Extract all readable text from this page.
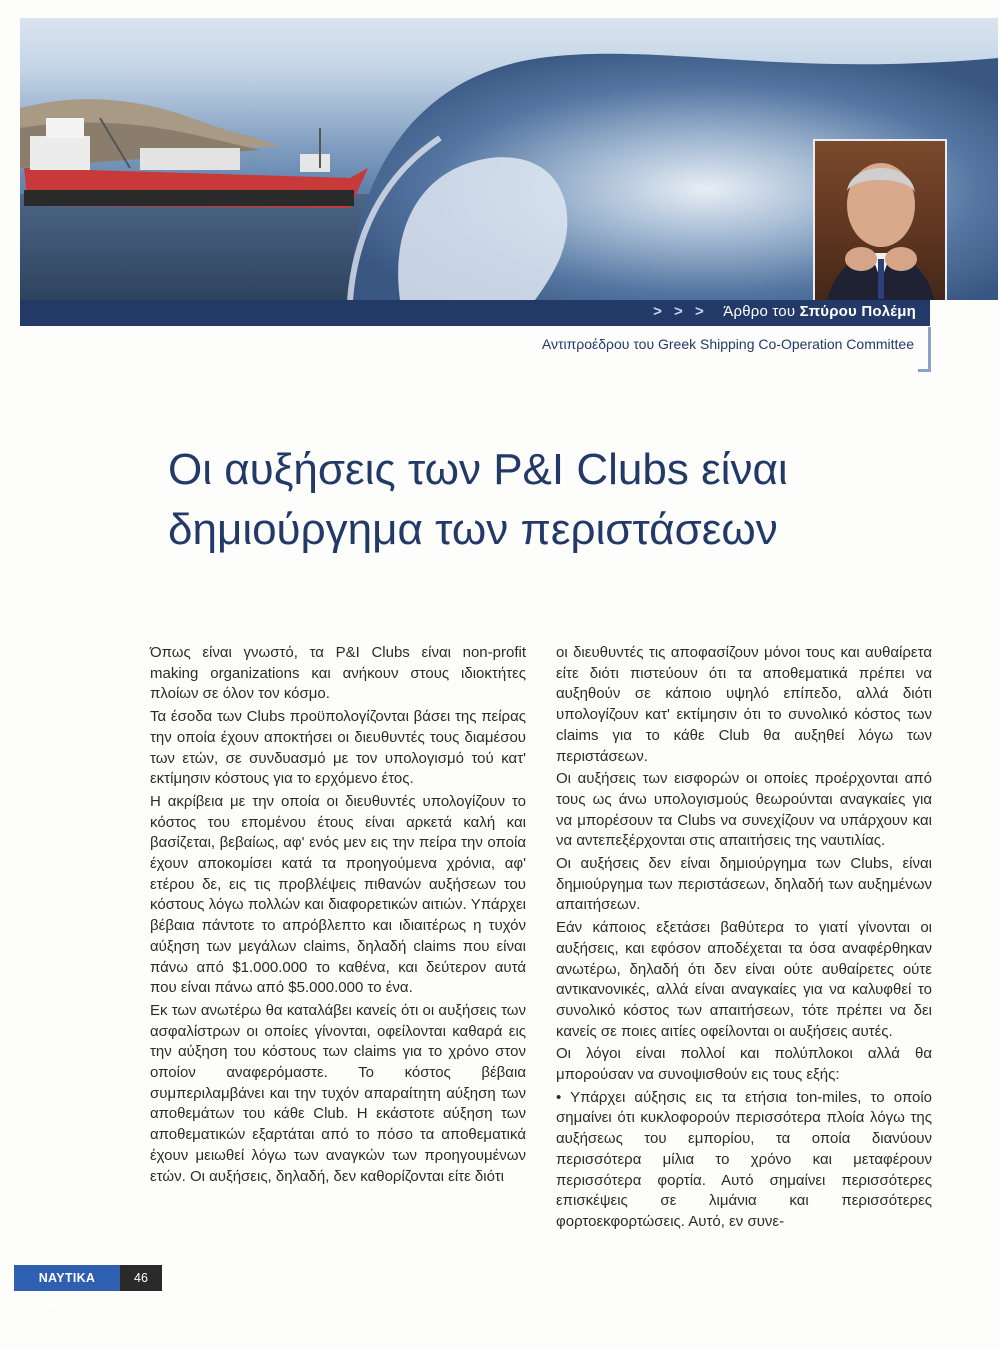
> > > Άρθρο του Σπύρου Πολέμη
Αντιπροέδρου του Greek Shipping Co-Operation Committee
Οι αυξήσεις των P&I Clubs είναι
δημιούργημα των περιστάσεων

Όπως είναι γνωστό, τα P&I Clubs είναι non-profit making organizations και ανήκουν στους ιδιοκτήτες πλοίων σε όλον τον κόσμο.

Τα έσοδα των Clubs προϋπολογίζονται βάσει της πείρας την οποία έχουν αποκτήσει οι διευθυντές τους διαμέσου των ετών, σε συνδυασμό με τον υπολογισμό τού κατ' εκτίμησιν κόστους για το ερχόμενο έτος.

Η ακρίβεια με την οποία οι διευθυντές υπολογίζουν το κόστος του επομένου έτους είναι αρκετά καλή και βασίζεται, βεβαίως, αφ' ενός μεν εις την πείρα την οποία έχουν αποκομίσει κατά τα προηγούμενα χρόνια, αφ' ετέρου δε, εις τις προβλέψεις πιθανών αυξήσεων του κόστους λόγω πολλών και διαφορετικών αιτιών. Υπάρχει βέβαια πάντοτε το απρόβλεπτο και ιδιαιτέρως η τυχόν αύξηση των μεγάλων claims, δηλαδή claims που είναι πάνω από $1.000.000 το καθένα, και δεύτερον αυτά που είναι πάνω από $5.000.000 το ένα.

Εκ των ανωτέρω θα καταλάβει κανείς ότι οι αυξήσεις των ασφαλίστρων οι οποίες γίνονται, οφείλονται καθαρά εις την αύξηση του κόστους των claims για το χρόνο στον οποίον αναφερόμαστε. Το κόστος βέβαια συμπεριλαμβάνει και την τυχόν απαραίτητη αύξηση των αποθεμάτων του κάθε Club. Η εκάστοτε αύξηση των αποθεματικών εξαρτάται από το πόσο τα αποθεματικά έχουν μειωθεί λόγω των αναγκών των προηγουμένων ετών. Οι αυξήσεις, δηλαδή, δεν καθορίζονται είτε διότι

οι διευθυντές τις αποφασίζουν μόνοι τους και αυθαίρετα είτε διότι πιστεύουν ότι τα αποθεματικά πρέπει να αυξηθούν σε κάποιο υψηλό επίπεδο, αλλά διότι υπολογίζουν κατ' εκτίμησιν ότι το συνολικό κόστος των claims για το κάθε Club θα αυξηθεί λόγω των περιστάσεων.

Οι αυξήσεις των εισφορών οι οποίες προέρχονται από τους ως άνω υπολογισμούς θεωρούνται αναγκαίες για να μπορέσουν τα Clubs να συνεχίζουν να υπάρχουν και να αντεπεξέρχονται στις απαιτήσεις της ναυτιλίας.

Οι αυξήσεις δεν είναι δημιούργημα των Clubs, είναι δημιούργημα των περιστάσεων, δηλαδή των αυξημένων απαιτήσεων.

Εάν κάποιος εξετάσει βαθύτερα το γιατί γίνονται οι αυξήσεις, και εφόσον αποδέχεται τα όσα αναφέρθηκαν ανωτέρω, δηλαδή ότι δεν είναι ούτε αυθαίρετες ούτε αντικανονικές, αλλά είναι αναγκαίες για να καλυφθεί το συνολικό κόστος των απαιτήσεων, τότε πρέπει να δει κανείς σε ποιες αιτίες οφείλονται οι αυξήσεις αυτές.

Οι λόγοι είναι πολλοί και πολύπλοκοι αλλά θα μπορούσαν να συνοψισθούν εις τους εξής:

• Υπάρχει αύξησις εις τα ετήσια ton-miles, το οποίο σημαίνει ότι κυκλοφορούν περισσότερα πλοία λόγω της αυξήσεως του εμπορίου, τα οποία διανύουν περισσότερα μίλια το χρόνο και μεταφέρουν περισσότερα φορτία. Αυτό σημαίνει περισσότερες επισκέψεις σε λιμάνια και περισσότερες φορτοεκφορτώσεις. Αυτό, εν συνε-

ΝΑΥΤΙΚΑ ΧΡΟΝΙΚΑ
46
